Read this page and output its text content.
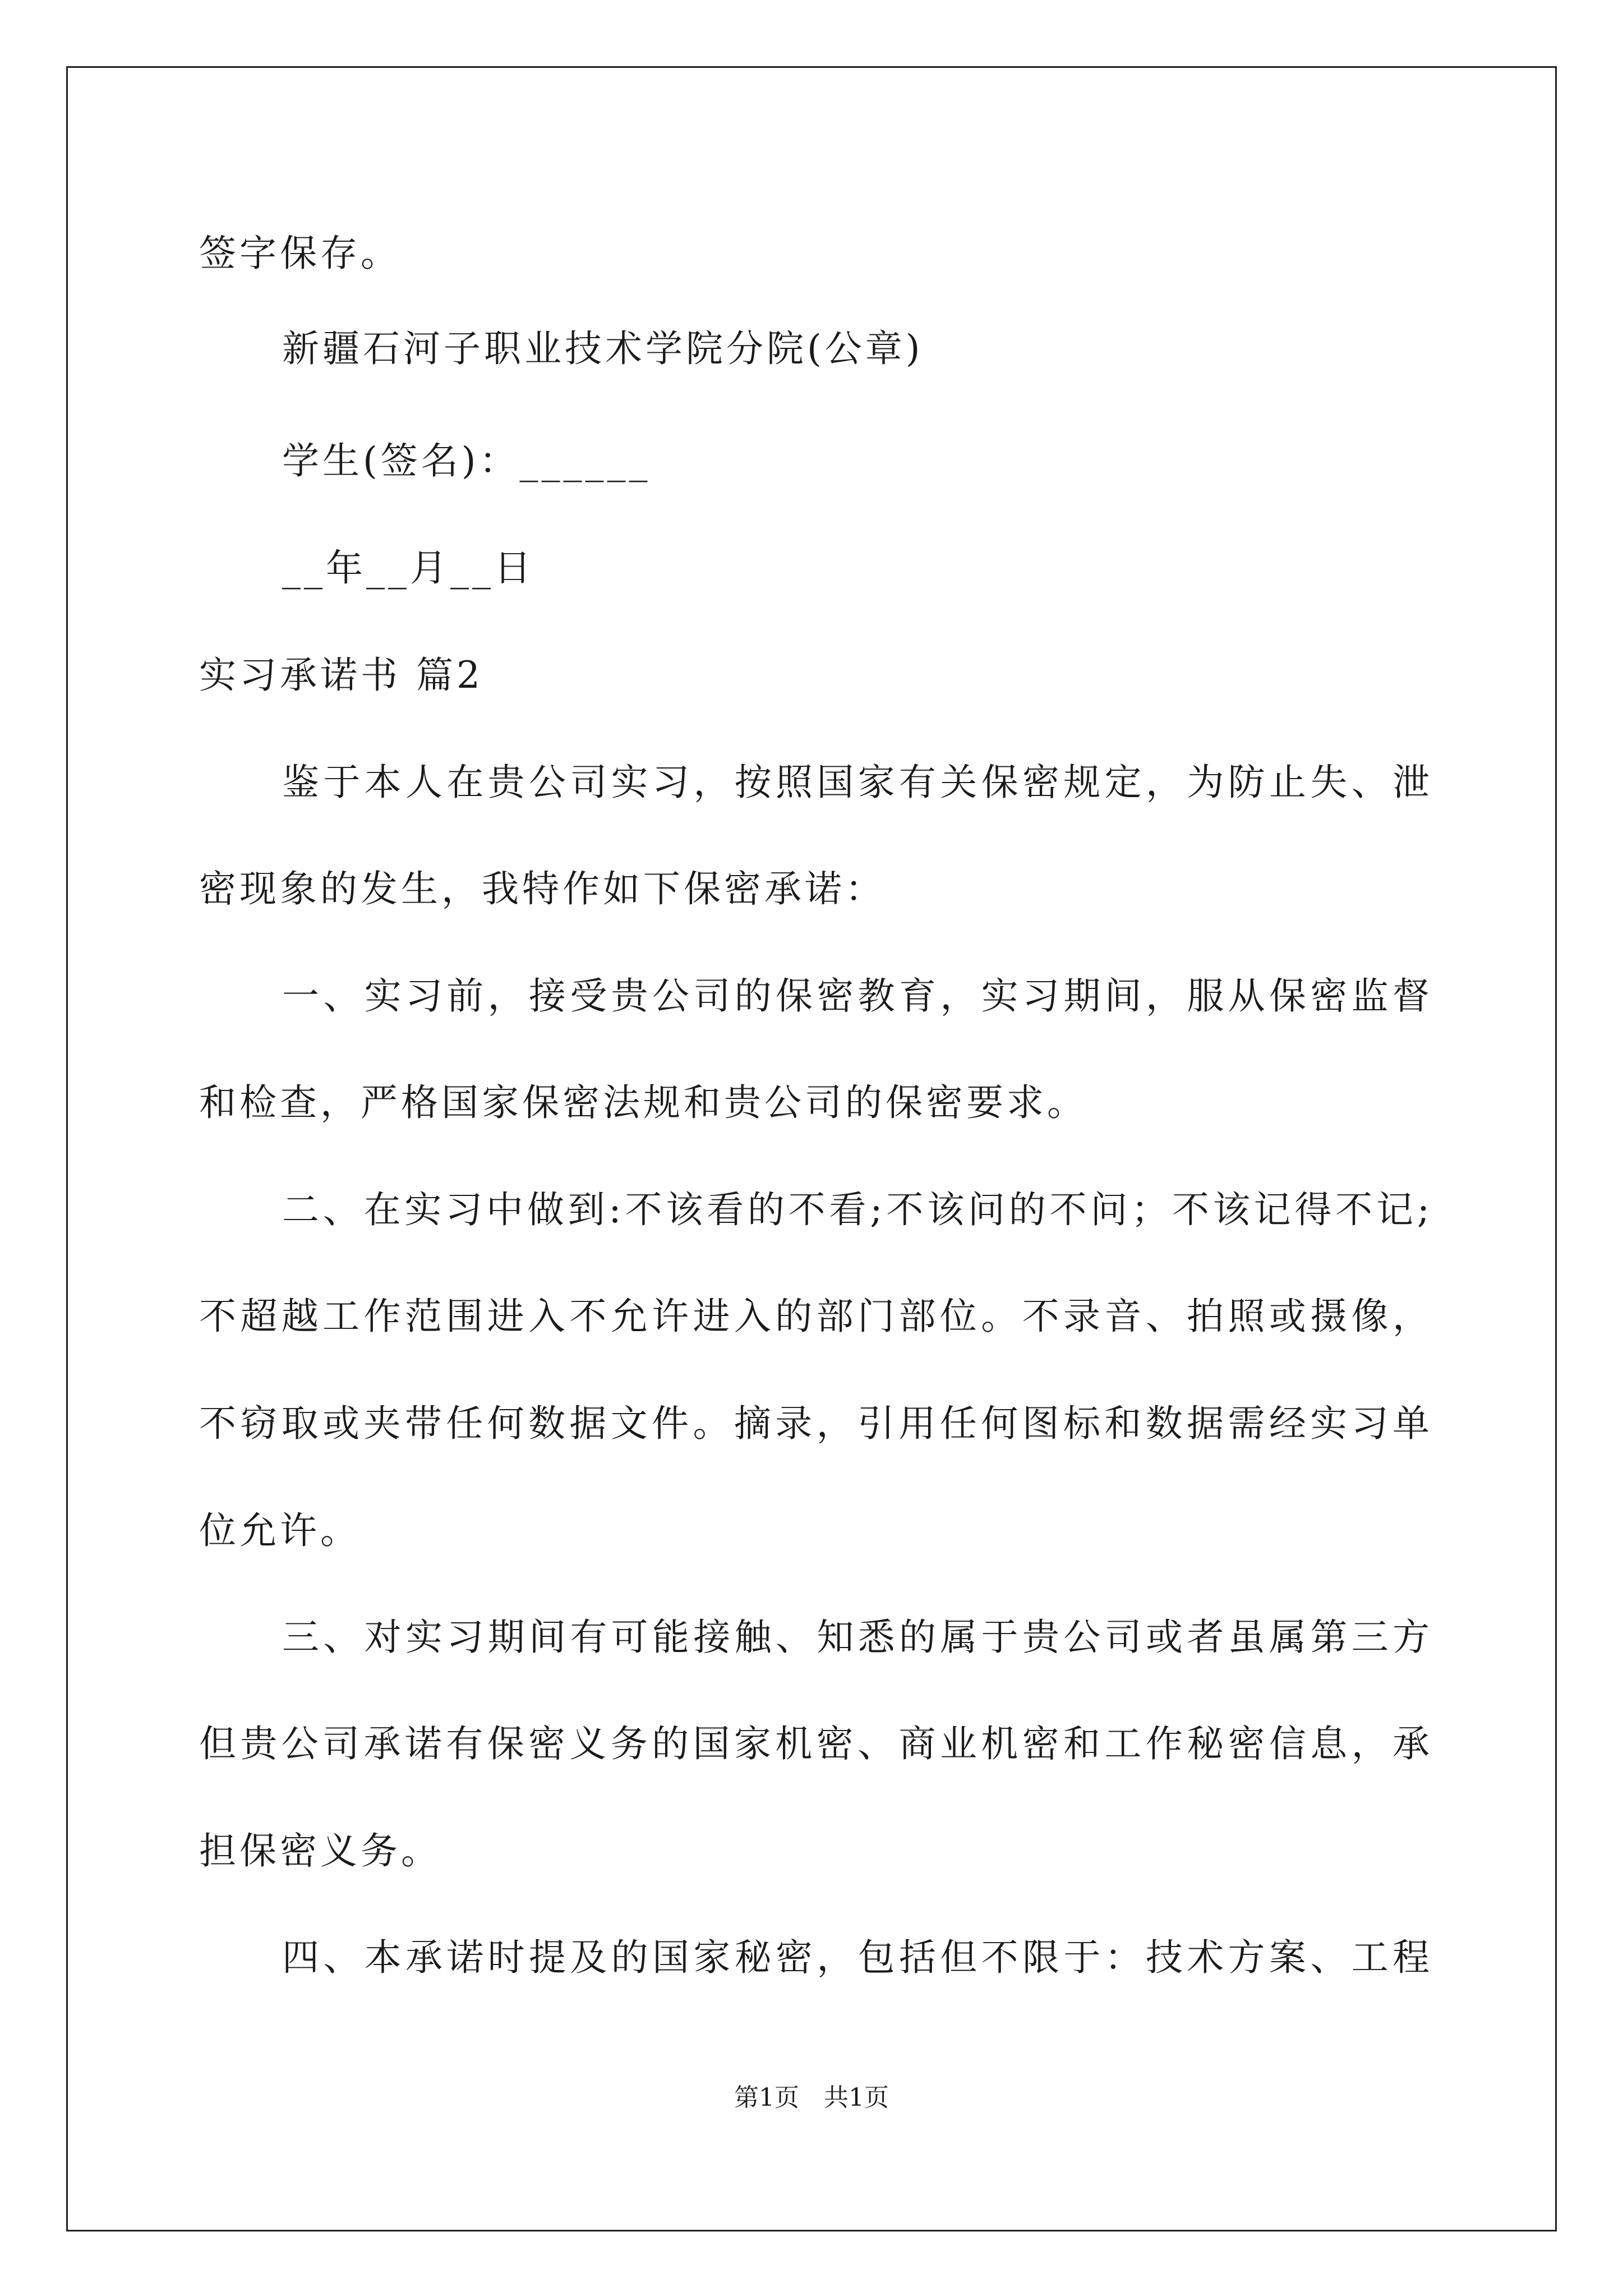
签字保存。
新疆石河子职业技术学院分院(公章)
学生(签名)：______
__年__月__日
实习承诺书 篇2
鉴于本人在贵公司实习，按照国家有关保密规定，为防止失、泄
密现象的发生，我特作如下保密承诺：
一、实习前，接受贵公司的保密教育，实习期间，服从保密监督
和检查，严格国家保密法规和贵公司的保密要求。
二、在实习中做到:不该看的不看;不该问的不问；不该记得不记;
不超越工作范围进入不允许进入的部门部位。不录音、拍照或摄像，
不窃取或夹带任何数据文件。摘录，引用任何图标和数据需经实习单
位允许。
三、对实习期间有可能接触、知悉的属于贵公司或者虽属第三方
但贵公司承诺有保密义务的国家机密、商业机密和工作秘密信息，承
担保密义务。
四、本承诺时提及的国家秘密，包括但不限于：技术方案、工程
第1页　共1页
